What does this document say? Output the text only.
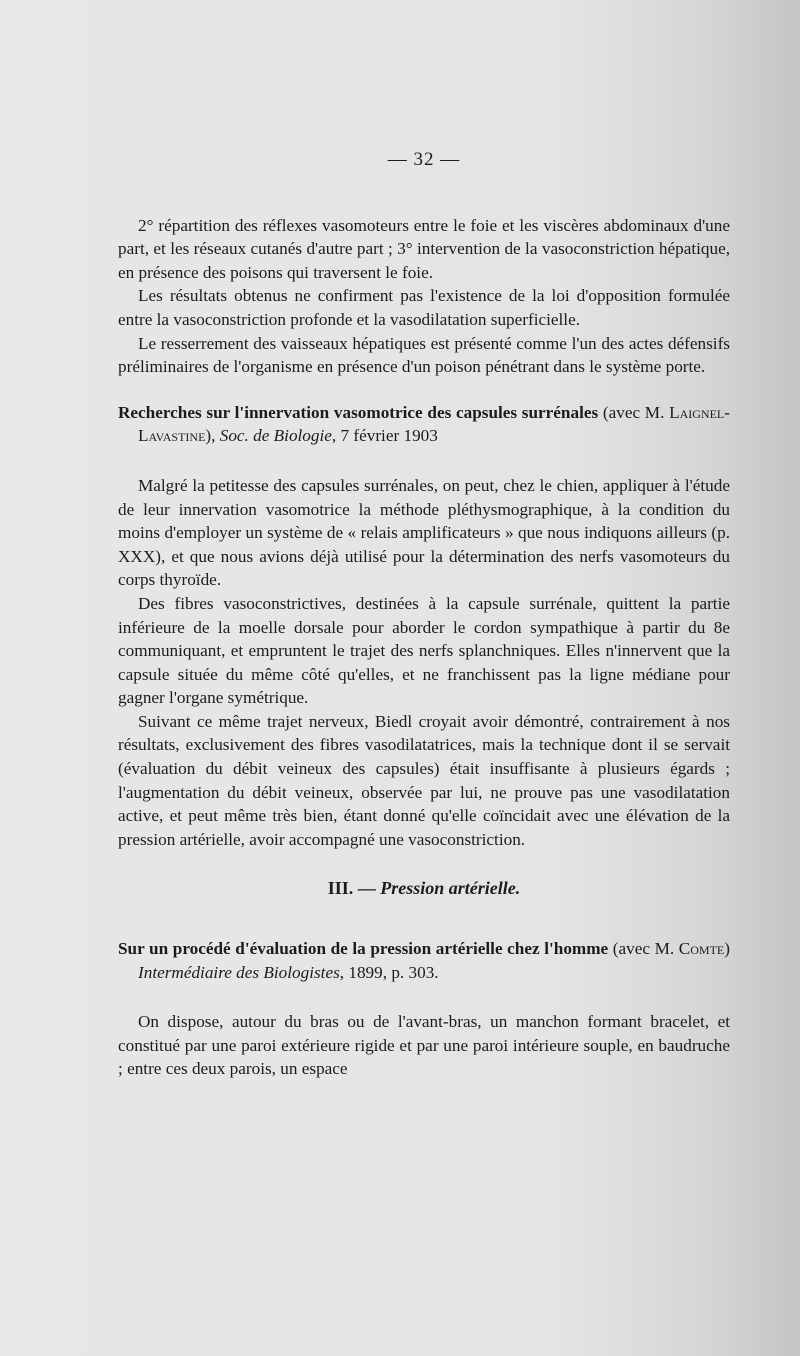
— 32 —

2° répartition des réflexes vasomoteurs entre le foie et les viscères abdominaux d'une part, et les réseaux cutanés d'autre part ; 3° intervention de la vasoconstriction hépatique, en présence des poisons qui traversent le foie.

Les résultats obtenus ne confirment pas l'existence de la loi d'opposition formulée entre la vasoconstriction profonde et la vasodilatation superficielle.

Le resserrement des vaisseaux hépatiques est présenté comme l'un des actes défensifs préliminaires de l'organisme en présence d'un poison pénétrant dans le système porte.

Recherches sur l'innervation vasomotrice des capsules surrénales (avec M. Laignel-Lavastine), Soc. de Biologie, 7 février 1903

Malgré la petitesse des capsules surrénales, on peut, chez le chien, appliquer à l'étude de leur innervation vasomotrice la méthode pléthysmographique, à la condition du moins d'employer un système de « relais amplificateurs » que nous indiquons ailleurs (p. XXX), et que nous avions déjà utilisé pour la détermination des nerfs vasomoteurs du corps thyroïde.

Des fibres vasoconstrictives, destinées à la capsule surrénale, quittent la partie inférieure de la moelle dorsale pour aborder le cordon sympathique à partir du 8e communiquant, et empruntent le trajet des nerfs splanchniques. Elles n'innervent que la capsule située du même côté qu'elles, et ne franchissent pas la ligne médiane pour gagner l'organe symétrique.

Suivant ce même trajet nerveux, Biedl croyait avoir démontré, contrairement à nos résultats, exclusivement des fibres vasodilatatrices, mais la technique dont il se servait (évaluation du débit veineux des capsules) était insuffisante à plusieurs égards ; l'augmentation du débit veineux, observée par lui, ne prouve pas une vasodilatation active, et peut même très bien, étant donné qu'elle coïncidait avec une élévation de la pression artérielle, avoir accompagné une vasoconstriction.

III. — Pression artérielle.

Sur un procédé d'évaluation de la pression artérielle chez l'homme (avec M. Comte) Intermédiaire des Biologistes, 1899, p. 303.

On dispose, autour du bras ou de l'avant-bras, un manchon formant bracelet, et constitué par une paroi extérieure rigide et par une paroi intérieure souple, en baudruche ; entre ces deux parois, un espace
